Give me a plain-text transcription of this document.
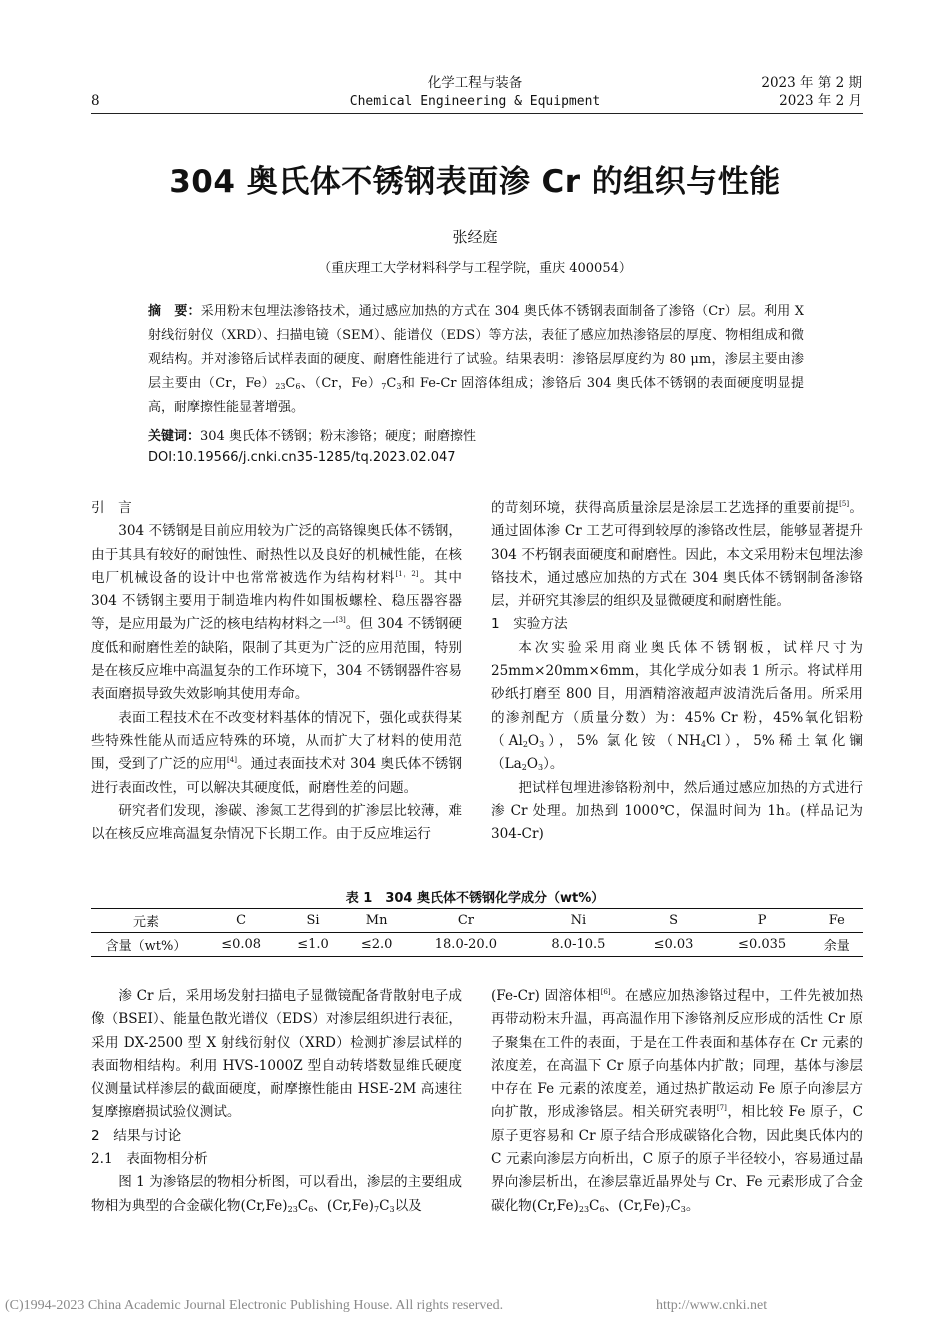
化学工程与装备	2023 年 第 2 期
8	Chemical Engineering & Equipment	2023 年 2 月
304 奥氏体不锈钢表面渗 Cr 的组织与性能
张经庭
（重庆理工大学材料科学与工程学院，重庆 400054）
摘　要：采用粉末包埋法渗铬技术，通过感应加热的方式在 304 奥氏体不锈钢表面制备了渗铬（Cr）层。利用 X 射线衍射仪（XRD）、扫描电镜（SEM）、能谱仪（EDS）等方法，表征了感应加热渗铬层的厚度、物相组成和微观结构。并对渗铬后试样表面的硬度、耐磨性能进行了试验。结果表明：渗铬层厚度约为 80 μm，渗层主要由渗层主要由（Cr，$Fe)_{23}C_6$、（Cr，$Fe)_7C_3$和 Fe-Cr 固溶体组成；渗铬后 304 奥氏体不锈钢的表面硬度明显提高，耐摩擦性能显著增强。
关键词：304 奥氏体不锈钢；粉末渗铬；硬度；耐磨擦性
DOI:10.19566/j.cnki.cn35-1285/tq.2023.02.047

引　言

304 不锈钢是目前应用较为广泛的高铬镍奥氏体不锈钢，由于其具有较好的耐蚀性、耐热性以及良好的机械性能，在核电厂机械设备的设计中也常常被选作为结构材料[1，2]。其中 304 不锈钢主要用于制造堆内构件如围板螺栓、稳压器容器等，是应用最为广泛的核电结构材料之一[3]。但 304 不锈钢硬度低和耐磨性差的缺陷，限制了其更为广泛的应用范围，特别是在核反应堆中高温复杂的工作环境下，304 不锈钢器件容易表面磨损导致失效影响其使用寿命。

表面工程技术在不改变材料基体的情况下，强化或获得某些特殊性能从而适应特殊的环境，从而扩大了材料的使用范围，受到了广泛的应用[4]。通过表面技术对 304 奥氏体不锈钢进行表面改性，可以解决其硬度低，耐磨性差的问题。

研究者们发现，渗碳、渗氮工艺得到的扩渗层比较薄，难以在核反应堆高温复杂情况下长期工作。由于反应堆运行

的苛刻环境，获得高质量涂层是涂层工艺选择的重要前提[5]。通过固体渗 Cr 工艺可得到较厚的渗铬改性层，能够显著提升 304 不朽钢表面硬度和耐磨性。因此，本文采用粉末包埋法渗铬技术，通过感应加热的方式在 304 奥氏体不锈钢制备渗铬层，并研究其渗层的组织及显微硬度和耐磨性能。

1　实验方法

本次实验采用商业奥氏体不锈钢板，试样尺寸为 25mm×20mm×6mm，其化学成分如表 1 所示。将试样用砂纸打磨至 800 目，用酒精溶液超声波清洗后备用。所采用的渗剂配方（质量分数）为：45% Cr 粉，45%氧化铝粉$(Al_2O_3)$，5% 氯化铵$(NH_4Cl)$，5%稀土氧化镧$(La_2O_3)$。

把试样包埋进渗铬粉剂中，然后通过感应加热的方式进行渗 Cr 处理。加热到 1000℃，保温时间为 1h。(样品记为 304-Cr)

表 1　304 奥氏体不锈钢化学成分（wt%）
元素	C	Si	Mn	Cr	Ni	S	P	Fe
含量（wt%）	≤0.08	≤1.0	≤2.0	18.0-20.0	8.0-10.5	≤0.03	≤0.035	余量

渗 Cr 后，采用场发射扫描电子显微镜配备背散射电子成像（BSEI）、能量色散光谱仪（EDS）对渗层组织进行表征，采用 DX-2500 型 X 射线衍射仪（XRD）检测扩渗层试样的表面物相结构。利用 HVS-1000Z 型自动转塔数显维氏硬度仪测量试样渗层的截面硬度，耐摩擦性能由 HSE-2M 高速往复摩擦磨损试验仪测试。

2　结果与讨论

2.1　表面物相分析

图 1 为渗铬层的物相分析图，可以看出，渗层的主要组成物相为典型的合金碳化物$(Cr,Fe)_{23}C_6$、$(Cr,Fe)_7C_3$以及

(Fe-Cr) 固溶体相[6]。在感应加热渗铬过程中，工件先被加热再带动粉末升温，再高温作用下渗铬剂反应形成的活性 Cr 原子聚集在工件的表面，于是在工件表面和基体存在 Cr 元素的浓度差，在高温下 Cr 原子向基体内扩散；同理，基体与渗层中存在 Fe 元素的浓度差，通过热扩散运动 Fe 原子向渗层方向扩散，形成渗铬层。相关研究表明[7]，相比较 Fe 原子，C 原子更容易和 Cr 原子结合形成碳铬化合物，因此奥氏体内的 C 元素向渗层方向析出，C 原子的原子半径较小，容易通过晶界向渗层析出，在渗层靠近晶界处与 Cr、Fe 元素形成了合金碳化物$(Cr,Fe)_{23}C_6$、$(Cr,Fe)_7C_3$。

(C)1994-2023 China Academic Journal Electronic Publishing House. All rights reserved.	http://www.cnki.net
